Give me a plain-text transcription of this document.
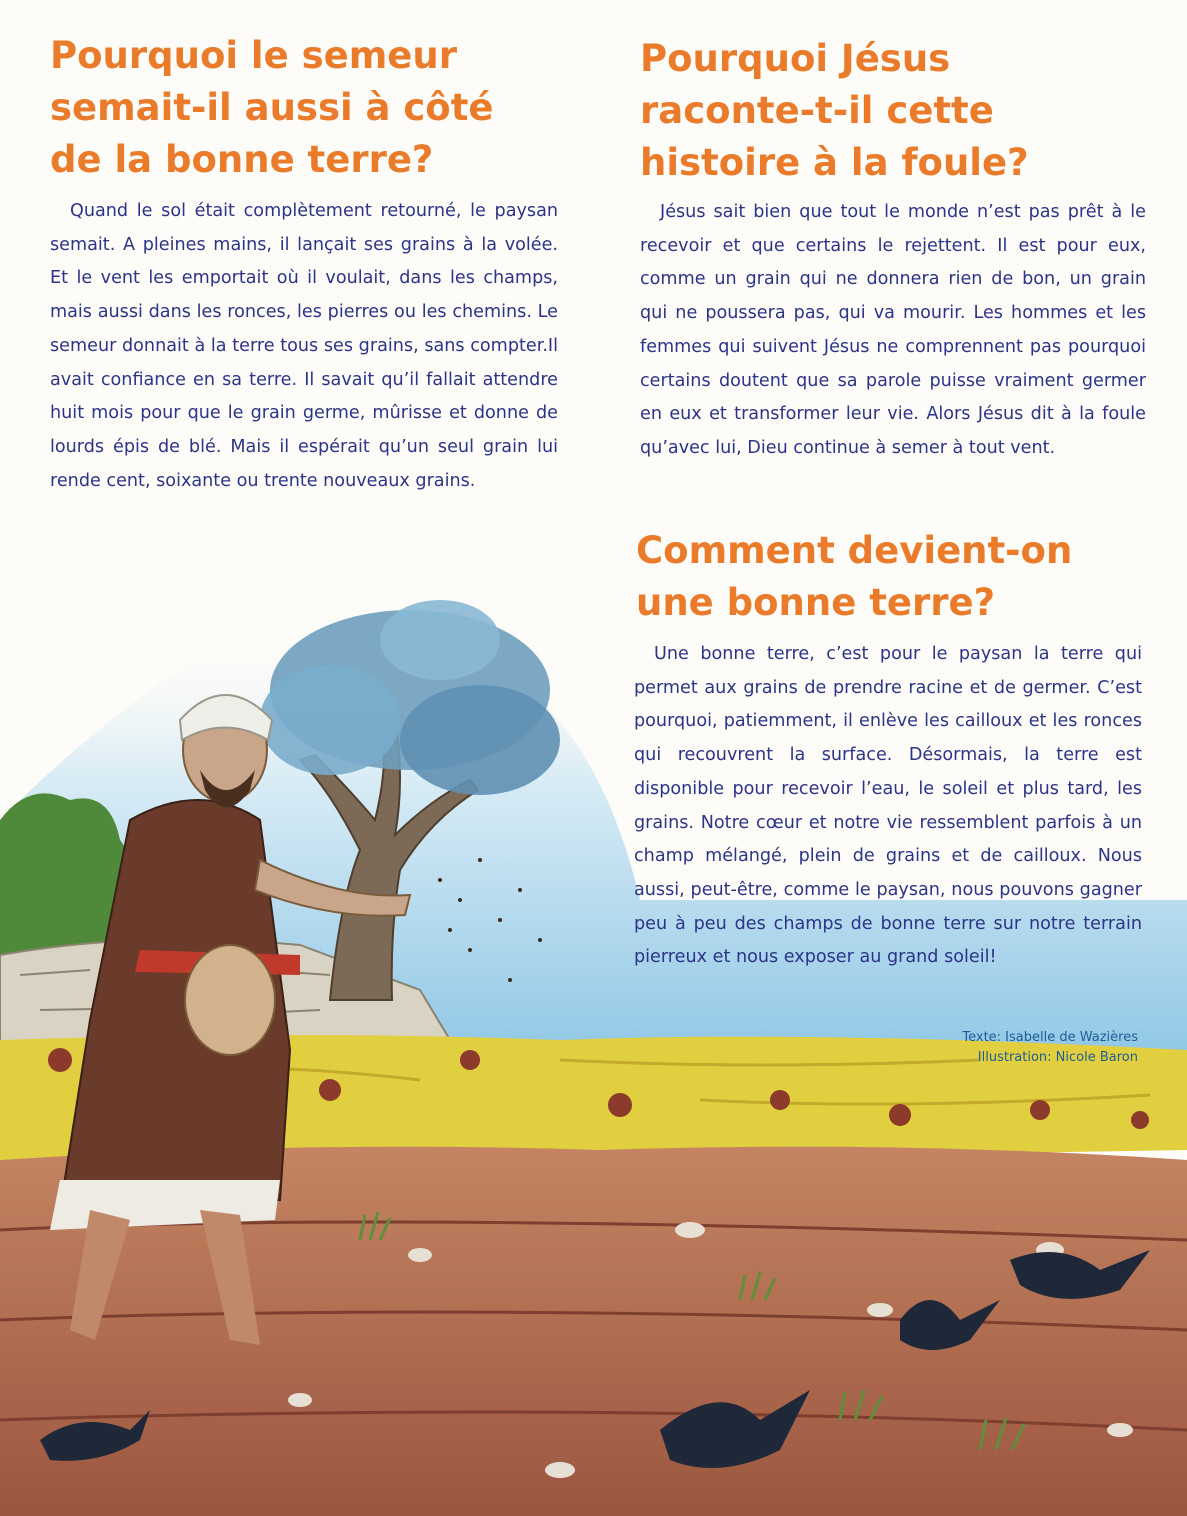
Pourquoi le semeur semait-il aussi à côté de la bonne terre?

Quand le sol était complètement retourné, le paysan semait. A pleines mains, il lançait ses grains à la volée. Et le vent les emportait où il voulait, dans les champs, mais aussi dans les ronces, les pierres ou les chemins. Le semeur donnait à la terre tous ses grains, sans compter.Il avait confiance en sa terre. Il savait qu’il fallait attendre huit mois pour que le grain germe, mûrisse et donne de lourds épis de blé. Mais il espérait qu’un seul grain lui rende cent, soixante ou trente nouveaux grains.

Pourquoi Jésus raconte-t-il cette histoire à la foule?

Jésus sait bien que tout le monde n’est pas prêt à le recevoir et que certains le rejettent. Il est pour eux, comme un grain qui ne donnera rien de bon, un grain qui ne poussera pas, qui va mourir. Les hommes et les femmes qui suivent Jésus ne comprennent pas pourquoi certains doutent que sa parole puisse vraiment germer en eux et transformer leur vie. Alors Jésus dit à la foule qu’avec lui, Dieu continue à semer à tout vent.

Comment devient-on une bonne terre?

Une bonne terre, c’est pour le paysan la terre qui permet aux grains de prendre racine et de germer. C’est pourquoi, patiemment, il enlève les cailloux et les ronces qui recouvrent la surface. Désormais, la terre est disponible pour recevoir l’eau, le soleil et plus tard, les grains. Notre cœur et notre vie ressemblent parfois à un champ mélangé, plein de grains et de cailloux. Nous aussi, peut-être, comme le paysan, nous pouvons gagner peu à peu des champs de bonne terre sur notre terrain pierreux et nous exposer au grand soleil!

Texte: Isabelle de Wazières
Illustration: Nicole Baron
